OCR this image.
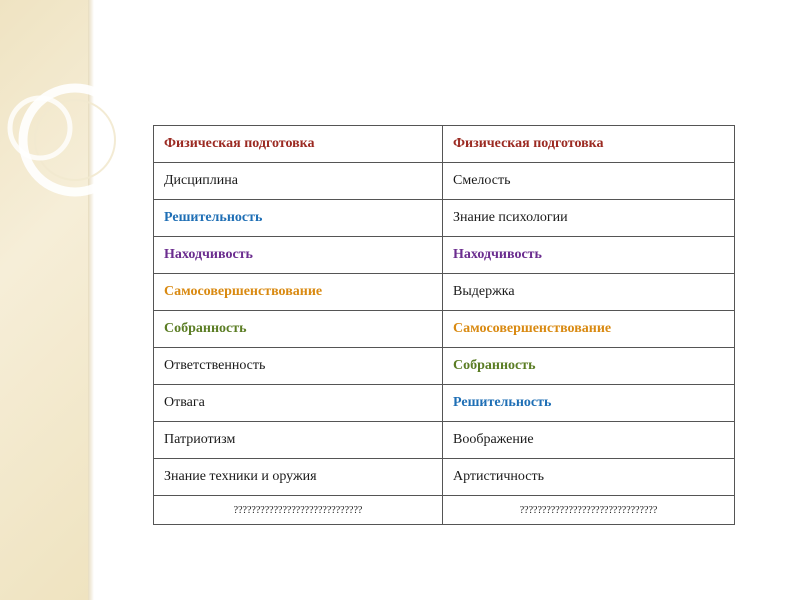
Физическая подготовка	Физическая подготовка
Дисциплина	Смелость
Решительность	Знание психологии
Находчивость	Находчивость
Самосовершенствование	Выдержка
Собранность	Самосовершенствование
Ответственность	Собранность
Отвага	Решительность
Патриотизм	Воображение
Знание техники и оружия	Артистичность
?????????????????????????????	???????????????????????????????
